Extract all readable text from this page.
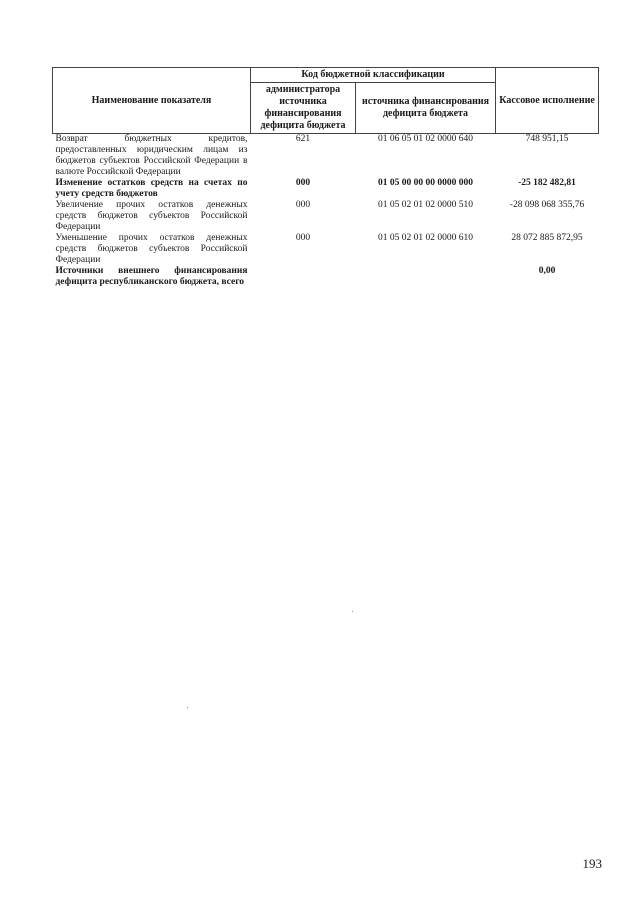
Наименование показателя	Код бюджетной классификации		Кассовое исполнение
	администратора источника финансирования дефицита бюджета	источника финансирования дефицита бюджета	
Возврат бюджетных кредитов, предоставленных юридическим лицам из бюджетов субъектов Российской Федерации в валюте Российской Федерации	621	01 06 05 01 02 0000 640	748 951,15
Изменение остатков средств на счетах по учету средств бюджетов	000	01 05 00 00 00 0000 000	-25 182 482,81
Увеличение прочих остатков денежных средств бюджетов субъектов Российской Федерации	000	01 05 02 01 02 0000 510	-28 098 068 355,76
Уменьшение прочих остатков денежных средств бюджетов субъектов Российской Федерации	000	01 05 02 01 02 0000 610	28 072 885 872,95
Источники внешнего финансирования дефицита республиканского бюджета, всего			0,00
193
